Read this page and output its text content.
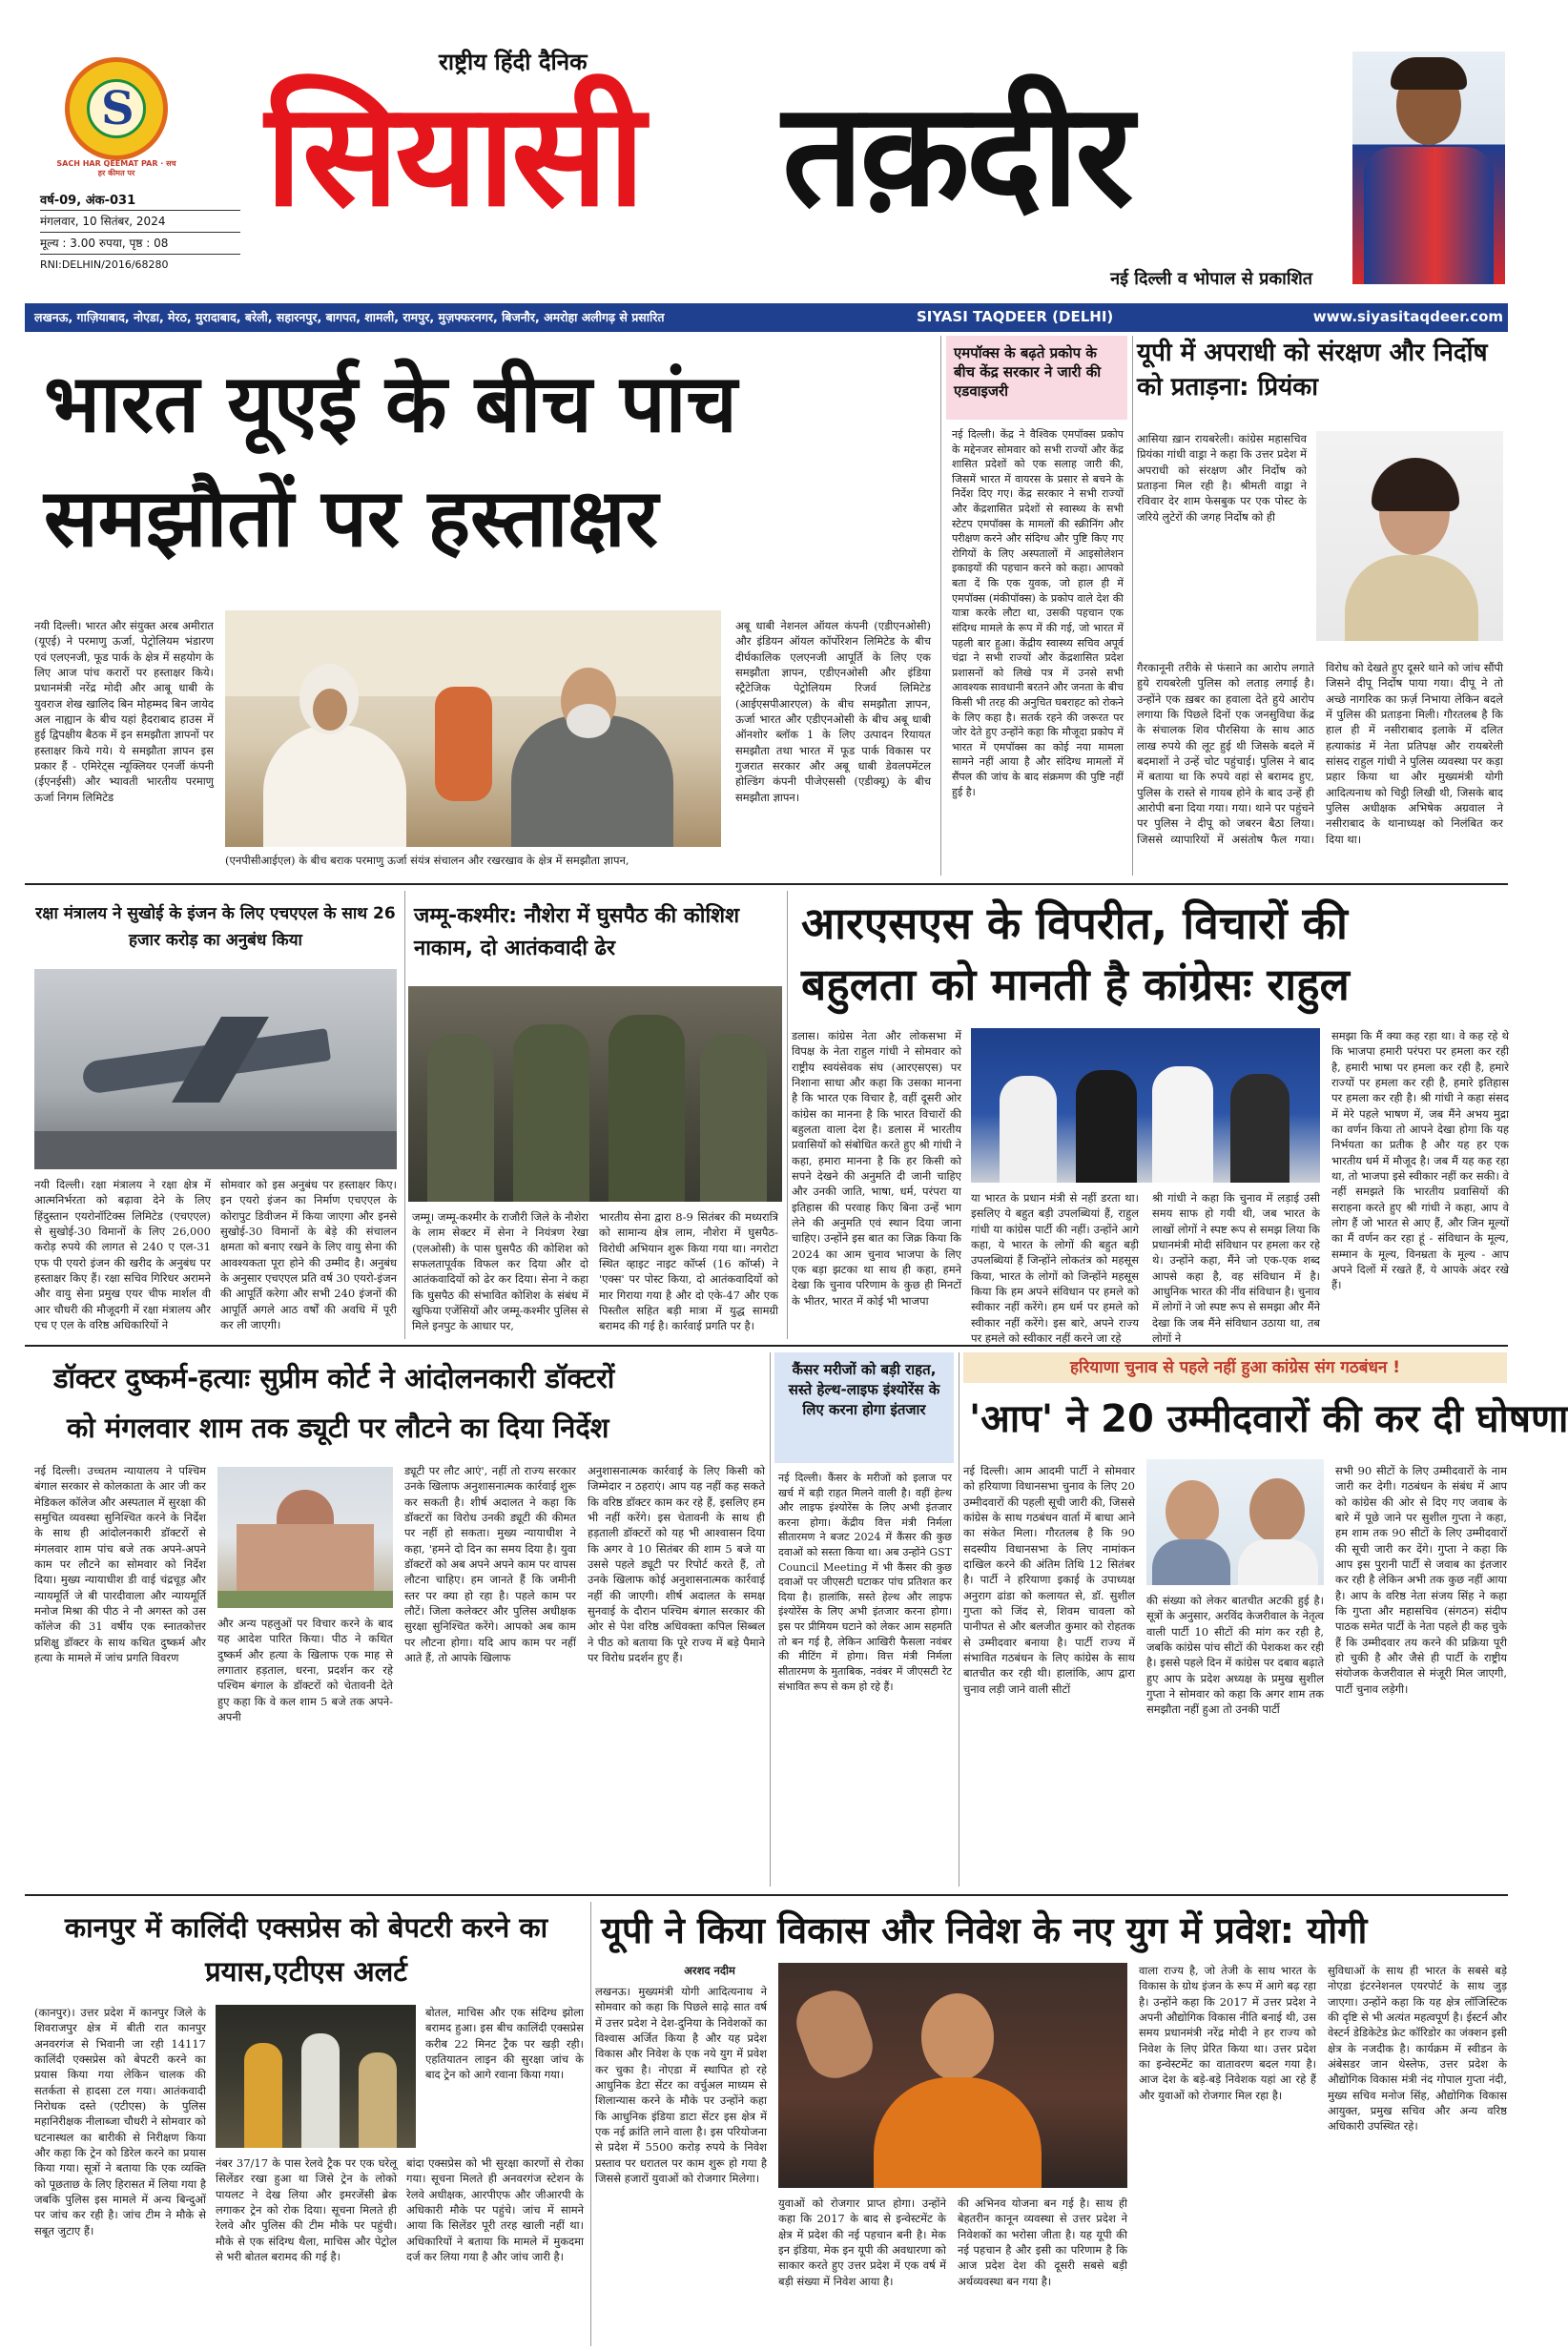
S
SACH HAR QEEMAT PAR · सच हर कीमत पर
वर्ष-09, अंक-031
मंगलवार, 10 सितंबर, 2024
मूल्य : 3.00 रुपया, पृष्ठ : 08
RNI:DELHIN/2016/68280
राष्ट्रीय हिंदी दैनिक
सियासी तक़दीर
नई दिल्ली व भोपाल से प्रकाशित
लखनऊ, गाज़ियाबाद, नोएडा, मेरठ, मुरादाबाद, बरेली, सहारनपुर, बागपत, शामली, रामपुर, मुज़फ्फरनगर, बिजनौर, अमरोहा अलीगढ़ से प्रसारित	SIYASI TAQDEER (DELHI)	www.siyasitaqdeer.com
भारत यूएई के बीच पांच
समझौतों पर हस्ताक्षर
नयी दिल्ली। भारत और संयुक्त अरब अमीरात (यूएई) ने परमाणु ऊर्जा, पेट्रोलियम भंडारण एवं एलएनजी, फूड पार्क के क्षेत्र में सहयोग के लिए आज पांच करारों पर हस्ताक्षर किये। प्रधानमंत्री नरेंद्र मोदी और आबू धाबी के युवराज शेख खालिद बिन मोहम्मद बिन जायेद अल नाह्यान के बीच यहां हैदराबाद हाउस में हुई द्विपक्षीय बैठक में इन समझौता ज्ञापनों पर हस्ताक्षर किये गये। ये समझौता ज्ञापन इस प्रकार हैं - एमिरेट्स न्यूक्लियर एनर्जी कंपनी (ईएनईसी) और भ्यावती भारतीय परमाणु ऊर्जा निगम लिमिटेड
(एनपीसीआईएल) के बीच बराक परमाणु ऊर्जा संयंत्र संचालन और रखरखाव के क्षेत्र में समझौता ज्ञापन,
अबू धाबी नेशनल ऑयल कंपनी (एडीएनओसी) और इंडियन ऑयल कॉर्पोरेशन लिमिटेड के बीच दीर्घकालिक एलएनजी आपूर्ति के लिए एक समझौता ज्ञापन, एडीएनओसी और इंडिया स्ट्रैटेजिक पेट्रोलियम रिजर्व लिमिटेड (आईएसपीआरएल) के बीच समझौता ज्ञापन, ऊर्जा भारत और एडीएनओसी के बीच अबू धाबी ऑनशोर ब्लॉक 1 के लिए उत्पादन रियायत समझौता तथा भारत में फूड पार्क विकास पर गुजरात सरकार और अबू धाबी डेवलपमेंटल होल्डिंग कंपनी पीजेएससी (एडीक्यू) के बीच समझौता ज्ञापन।
एमपॉक्स के बढ़ते प्रकोप के बीच केंद्र सरकार ने जारी की एडवाइजरी
नई दिल्ली। केंद्र ने वैश्विक एमपॉक्स प्रकोप के मद्देनजर सोमवार को सभी राज्यों और केंद्र शासित प्रदेशों को एक सलाह जारी की, जिसमें भारत में वायरस के प्रसार से बचने के निर्देश दिए गए। केंद्र सरकार ने सभी राज्यों और केंद्रशासित प्रदेशों से स्वास्थ्य के सभी स्टेटप एमपॉक्स के मामलों की स्क्रीनिंग और परीक्षण करने और संदिग्ध और पुष्टि किए गए रोगियों के लिए अस्पतालों में आइसोलेशन इकाइयों की पहचान करने को कहा। आपको बता दें कि एक युवक, जो हाल ही में एमपॉक्स (मंकीपॉक्स) के प्रकोप वाले देश की यात्रा करके लौटा था, उसकी पहचान एक संदिग्ध मामले के रूप में की गई, जो भारत में पहली बार हुआ। केंद्रीय स्वास्थ्य सचिव अपूर्व चंद्रा ने सभी राज्यों और केंद्रशासित प्रदेश प्रशासनों को लिखे पत्र में उनसे सभी आवश्यक सावधानी बरतने और जनता के बीच किसी भी तरह की अनुचित घबराहट को रोकने के लिए कहा है। सतर्क रहने की जरूरत पर जोर देते हुए उन्होंने कहा कि मौजूदा प्रकोप में भारत में एमपॉक्स का कोई नया मामला सामने नहीं आया है और संदिग्ध मामलों में सैंपल की जांच के बाद संक्रमण की पुष्टि नहीं हुई है।
यूपी में अपराधी को संरक्षण और निर्दोष को प्रताड़ना: प्रियंका
आसिया ख़ान रायबरेली। कांग्रेस महासचिव प्रियंका गांधी वाड्रा ने कहा कि उत्तर प्रदेश में अपराधी को संरक्षण और निर्दोष को प्रताड़ना मिल रही है। श्रीमती वाड्रा ने रविवार देर शाम फेसबुक पर एक पोस्ट के जरिये लुटेरों की जगह निर्दोष को ही
गैरकानूनी तरीके से फंसाने का आरोप लगाते हुये रायबरेली पुलिस को लताड़ लगाई है। उन्होंने एक ख़बर का हवाला देते हुये आरोप लगाया कि पिछले दिनों एक जनसुविधा केंद्र के संचालक शिव पौरसिया के साथ आठ लाख रुपये की लूट हुई थी जिसके बदले में बदमाशों ने उन्हें चोट पहुंचाई। पुलिस ने बाद में बताया था कि रुपये वहां से बरामद हुए, पुलिस के रास्ते से गायब होने के बाद उन्हें ही आरोपी बना दिया गया। गया। थाने पर पहुंचने पर पुलिस ने दीपू को जबरन बैठा लिया। जिससे व्यापारियों में असंतोष फैल गया। विरोध को देखते हुए दूसरे थाने को जांच सौंपी जिसने दीपू निर्दोष पाया गया। दीपू ने तो अच्छे नागरिक का फ़र्ज़ निभाया लेकिन बदले में पुलिस की प्रताड़ना मिली। गौरतलब है कि हाल ही में नसीराबाद इलाके में दलित हत्याकांड में नेता प्रतिपक्ष और रायबरेली सांसद राहुल गांधी ने पुलिस व्यवस्था पर कड़ा प्रहार किया था और मुख्यमंत्री योगी आदित्यनाथ को चिट्ठी लिखी थी, जिसके बाद पुलिस अधीक्षक अभिषेक अग्रवाल ने नसीराबाद के थानाध्यक्ष को निलंबित कर दिया था।
रक्षा मंत्रालय ने सुखोई के इंजन के लिए एचएएल के साथ 26 हजार करोड़ का अनुबंध किया
नयी दिल्ली। रक्षा मंत्रालय ने रक्षा क्षेत्र में आत्मनिर्भरता को बढ़ावा देने के लिए हिंदुस्तान एयरोनॉटिक्स लिमिटेड (एचएएल) से सुखोई-30 विमानों के लिए 26,000 करोड़ रुपये की लागत से 240 ए एल-31 एफ पी एयरो इंजन की खरीद के अनुबंध पर हस्ताक्षर किए हैं। रक्षा सचिव गिरिधर अरामने और वायु सेना प्रमुख एयर चीफ मार्शल वी आर चौधरी की मौजूदगी में रक्षा मंत्रालय और एच ए एल के वरिष्ठ अधिकारियों ने
सोमवार को इस अनुबंध पर हस्ताक्षर किए। इन एयरो इंजन का निर्माण एचएएल के कोरापुट डिवीजन में किया जाएगा और इनसे सुखोई-30 विमानों के बेड़े की संचालन क्षमता को बनाए रखने के लिए वायु सेना की आवश्यकता पूरा होने की उम्मीद है। अनुबंध के अनुसार एचएएल प्रति वर्ष 30 एयरो-इंजन की आपूर्ति करेगा और सभी 240 इंजनों की आपूर्ति अगले आठ वर्षों की अवधि में पूरी कर ली जाएगी।
जम्मू-कश्मीर: नौशेरा में घुसपैठ की कोशिश नाकाम, दो आतंकवादी ढेर
जम्मू। जम्मू-कश्मीर के राजौरी जिले के नौशेरा के लाम सेक्टर में सेना ने नियंत्रण रेखा (एलओसी) के पास घुसपैठ की कोशिश को सफलतापूर्वक विफल कर दिया और दो आतंकवादियों को ढेर कर दिया। सेना ने कहा कि घुसपैठ की संभावित कोशिश के संबंध में खुफिया एजेंसियों और जम्मू-कश्मीर पुलिस से मिले इनपुट के आधार पर,
भारतीय सेना द्वारा 8-9 सितंबर की मध्यरात्रि को सामान्य क्षेत्र लाम, नौशेरा में घुसपैठ-विरोधी अभियान शुरू किया गया था। नगरोटा स्थित व्हाइट नाइट कॉर्प्स (16 कॉर्प्स) ने 'एक्स' पर पोस्ट किया, दो आतंकवादियों को मार गिराया गया है और दो एके-47 और एक पिस्तौल सहित बड़ी मात्रा में युद्ध सामग्री बरामद की गई है। कार्रवाई प्रगति पर है।
आरएसएस के विपरीत, विचारों की
बहुलता को मानती है कांग्रेसः राहुल
डलास। कांग्रेस नेता और लोकसभा में विपक्ष के नेता राहुल गांधी ने सोमवार को राष्ट्रीय स्वयंसेवक संघ (आरएसएस) पर निशाना साधा और कहा कि उसका मानना है कि भारत एक विचार है, वहीं दूसरी ओर कांग्रेस का मानना है कि भारत विचारों की बहुलता वाला देश है। डलास में भारतीय प्रवासियों को संबोधित करते हुए श्री गांधी ने कहा, हमारा मानना है कि हर किसी को सपने देखने की अनुमति दी जानी चाहिए और उनकी जाति, भाषा, धर्म, परंपरा या इतिहास की परवाह किए बिना उन्हें भाग लेने की अनुमति एवं स्थान दिया जाना चाहिए। उन्होंने इस बात का जिक्र किया कि 2024 का आम चुनाव भाजपा के लिए एक बड़ा झटका था साथ ही कहा, हमने देखा कि चुनाव परिणाम के कुछ ही मिनटों के भीतर, भारत में कोई भी भाजपा
या भारत के प्रधान मंत्री से नहीं डरता था। इसलिए ये बहुत बड़ी उपलब्धियां हैं, राहुल गांधी या कांग्रेस पार्टी की नहीं। उन्होंने आगे कहा, ये भारत के लोगों की बहुत बड़ी उपलब्धियां हैं जिन्होंने लोकतंत्र को महसूस किया, भारत के लोगों को जिन्होंने महसूस किया कि हम अपने संविधान पर हमले को स्वीकार नहीं करेंगे। हम धर्म पर हमले को स्वीकार नहीं करेंगे। इस बारे, अपने राज्य पर हमले को स्वीकार नहीं करने जा रहे
श्री गांधी ने कहा कि चुनाव में लड़ाई उसी समय साफ हो गयी थी, जब भारत के लाखों लोगों ने स्पष्ट रूप से समझ लिया कि प्रधानमंत्री मोदी संविधान पर हमला कर रहे थे। उन्होंने कहा, मैंने जो एक-एक शब्द आपसे कहा है, वह संविधान में है। आधुनिक भारत की नींव संविधान है। चुनाव में लोगों ने जो स्पष्ट रूप से समझा और मैंने देखा कि जब मैंने संविधान उठाया था, तब लोगों ने
समझा कि मैं क्या कह रहा था। वे कह रहे थे कि भाजपा हमारी परंपरा पर हमला कर रही है, हमारी भाषा पर हमला कर रही है, हमारे राज्यों पर हमला कर रही है, हमारे इतिहास पर हमला कर रही है। श्री गांधी ने कहा संसद में मेरे पहले भाषण में, जब मैंने अभय मुद्रा का वर्णन किया तो आपने देखा होगा कि यह निर्भयता का प्रतीक है और यह हर एक भारतीय धर्म में मौजूद है। जब मैं यह कह रहा था, तो भाजपा इसे स्वीकार नहीं कर सकी। वे नहीं समझते कि भारतीय प्रवासियों की सराहना करते हुए श्री गांधी ने कहा, आप वे लोग हैं जो भारत से आए हैं, और जिन मूल्यों का मैं वर्णन कर रहा हूं - संविधान के मूल्य, सम्मान के मूल्य, विनम्रता के मूल्य - आप अपने दिलों में रखते हैं, ये आपके अंदर रखे हैं।
डॉक्टर दुष्कर्म-हत्याः सुप्रीम कोर्ट ने आंदोलनकारी डॉक्टरों
को मंगलवार शाम तक ड्यूटी पर लौटने का दिया निर्देश
नई दिल्ली। उच्चतम न्यायालय ने पश्चिम बंगाल सरकार से कोलकाता के आर जी कर मेडिकल कॉलेज और अस्पताल में सुरक्षा की समुचित व्यवस्था सुनिश्चित करने के निर्देश के साथ ही आंदोलनकारी डॉक्टरों से मंगलवार शाम पांच बजे तक अपने-अपने काम पर लौटने का सोमवार को निर्देश दिया। मुख्य न्यायाधीश डी वाई चंद्रचूड़ और न्यायमूर्ति जे बी पारदीवाला और न्यायमूर्ति मनोज मिश्रा की पीठ ने नौ अगस्त को उस कॉलेज की 31 वर्षीय एक स्नातकोत्तर प्रशिक्षु डॉक्टर के साथ कथित दुष्कर्म और हत्या के मामले में जांच प्रगति विवरण
और अन्य पहलुओं पर विचार करने के बाद यह आदेश पारित किया। पीठ ने कथित दुष्कर्म और हत्या के खिलाफ एक माह से लगातार हड़ताल, धरना, प्रदर्शन कर रहे पश्चिम बंगाल के डॉक्टरों को चेतावनी देते हुए कहा कि वे कल शाम 5 बजे तक अपने-अपनी
ड्यूटी पर लौट आएं', नहीं तो राज्य सरकार उनके खिलाफ अनुशासनात्मक कार्रवाई शुरू कर सकती है। शीर्ष अदालत ने कहा कि डॉक्टरों का विरोध उनकी ड्यूटी की कीमत पर नहीं हो सकता। मुख्य न्यायाधीश ने कहा, 'हमने दो दिन का समय दिया है। युवा डॉक्टरों को अब अपने अपने काम पर वापस लौटना चाहिए। हम जानते हैं कि जमीनी स्तर पर क्या हो रहा है। पहले काम पर लौटें। जिला कलेक्टर और पुलिस अधीक्षक सुरक्षा सुनिश्चित करेंगे। आपको अब काम पर लौटना होगा। यदि आप काम पर नहीं आते हैं, तो आपके खिलाफ
अनुशासनात्मक कार्रवाई के लिए किसी को जिम्मेदार न ठहराएं। आप यह नहीं कह सकते कि वरिष्ठ डॉक्टर काम कर रहे हैं, इसलिए हम भी नहीं करेंगे। इस चेतावनी के साथ ही हड़ताली डॉक्टरों को यह भी आश्वासन दिया कि अगर वे 10 सितंबर की शाम 5 बजे या उससे पहले ड्यूटी पर रिपोर्ट करते हैं, तो उनके खिलाफ कोई अनुशासनात्मक कार्रवाई नहीं की जाएगी। शीर्ष अदालत के समक्ष सुनवाई के दौरान पश्चिम बंगाल सरकार की ओर से पेश वरिष्ठ अधिवक्ता कपिल सिब्बल ने पीठ को बताया कि पूरे राज्य में बड़े पैमाने पर विरोध प्रदर्शन हुए हैं।
कैंसर मरीजों को बड़ी राहत, सस्ते हेल्थ-लाइफ इंश्योरेंस के लिए करना होगा इंतजार
नई दिल्ली। कैंसर के मरीजों को इलाज पर खर्च में बड़ी राहत मिलने वाली है। वहीं हेल्थ और लाइफ इंश्योरेंस के लिए अभी इंतजार करना होगा। केंद्रीय वित्त मंत्री निर्मला सीतारमण ने बजट 2024 में कैंसर की कुछ दवाओं को सस्ता किया था। अब उन्होंने GST Council Meeting में भी कैंसर की कुछ दवाओं पर जीएसटी घटाकर पांच प्रतिशत कर दिया है। हालांकि, सस्ते हेल्थ और लाइफ इंश्योरेंस के लिए अभी इंतजार करना होगा। इस पर प्रीमियम घटाने को लेकर आम सहमति तो बन गई है, लेकिन आखिरी फैसला नवंबर की मीटिंग में होगा। वित्त मंत्री निर्मला सीतारमण के मुताबिक, नवंबर में जीएसटी रेट संभावित रूप से कम हो रहे हैं।
हरियाणा चुनाव से पहले नहीं हुआ कांग्रेस संग गठबंधन !
'आप' ने 20 उम्मीदवारों की कर दी घोषणा
नई दिल्ली। आम आदमी पार्टी ने सोमवार को हरियाणा विधानसभा चुनाव के लिए 20 उम्मीदवारों की पहली सूची जारी की, जिससे कांग्रेस के साथ गठबंधन वार्ता में बाधा आने का संकेत मिला। गौरतलब है कि 90 सदस्यीय विधानसभा के लिए नामांकन दाखिल करने की अंतिम तिथि 12 सितंबर है। पार्टी ने हरियाणा इकाई के उपाध्यक्ष अनुराग ढांडा को कलायत से, डॉ. सुशील गुप्ता को जिंद से, शिवम चावला को पानीपत से और बलजीत कुमार को रोहतक से उम्मीदवार बनाया है। पार्टी राज्य में संभावित गठबंधन के लिए कांग्रेस के साथ बातचीत कर रही थी। हालांकि, आप द्वारा चुनाव लड़ी जाने वाली सीटों
की संख्या को लेकर बातचीत अटकी हुई है। सूत्रों के अनुसार, अरविंद केजरीवाल के नेतृत्व वाली पार्टी 10 सीटों की मांग कर रही है, जबकि कांग्रेस पांच सीटों की पेशकश कर रही है। इससे पहले दिन में कांग्रेस पर दबाव बढ़ाते हुए आप के प्रदेश अध्यक्ष के प्रमुख सुशील गुप्ता ने सोमवार को कहा कि अगर शाम तक समझौता नहीं हुआ तो उनकी पार्टी
सभी 90 सीटों के लिए उम्मीदवारों के नाम जारी कर देगी। गठबंधन के संबंध में आप को कांग्रेस की ओर से दिए गए जवाब के बारे में पूछे जाने पर सुशील गुप्ता ने कहा, हम शाम तक 90 सीटों के लिए उम्मीदवारों की सूची जारी कर देंगे। गुप्ता ने कहा कि आप इस पुरानी पार्टी से जवाब का इंतजार कर रही है लेकिन अभी तक कुछ नहीं आया है। आप के वरिष्ठ नेता संजय सिंह ने कहा कि गुप्ता और महासचिव (संगठन) संदीप पाठक समेत पार्टी के नेता पहले ही कह चुके हैं कि उम्मीदवार तय करने की प्रक्रिया पूरी हो चुकी है और जैसे ही पार्टी के राष्ट्रीय संयोजक केजरीवाल से मंजूरी मिल जाएगी, पार्टी चुनाव लड़ेगी।
कानपुर में कालिंदी एक्सप्रेस को बेपटरी करने का प्रयास,एटीएस अलर्ट
(कानपुर)। उत्तर प्रदेश में कानपुर जिले के शिवराजपुर क्षेत्र में बीती रात कानपुर अनवरगंज से भिवानी जा रही 14117 कालिंदी एक्सप्रेस को बेपटरी करने का प्रयास किया गया लेकिन चालक की सतर्कता से हादसा टल गया। आतंकवादी निरोधक दस्ते (एटीएस) के पुलिस महानिरीक्षक नीलाब्जा चौधरी ने सोमवार को घटनास्थल का बारीकी से निरीक्षण किया और कहा कि ट्रेन को डिरेल करने का प्रयास किया गया। सूत्रों ने बताया कि एक व्यक्ति को पूछताछ के लिए हिरासत में लिया गया है जबकि पुलिस इस मामले में अन्य बिन्दुओं पर जांच कर रही है। जांच टीम ने मौके से सबूत जुटाए हैं।
बोतल, माचिस और एक संदिग्ध झोला बरामद हुआ। इस बीच कालिंदी एक्सप्रेस करीब 22 मिनट ट्रैक पर खड़ी रही। एहतियातन लाइन की सुरक्षा जांच के बाद ट्रेन को आगे रवाना किया गया।
नंबर 37/17 के पास रेलवे ट्रैक पर एक घरेलू सिलेंडर रखा हुआ था जिसे ट्रेन के लोको पायलट ने देख लिया और इमरजेंसी ब्रेक लगाकर ट्रेन को रोक दिया। सूचना मिलते ही रेलवे और पुलिस की टीम मौके पर पहुंची। मौके से एक संदिग्ध थैला, माचिस और पेट्रोल से भरी बोतल बरामद की गई है।
बांदा एक्सप्रेस को भी सुरक्षा कारणों से रोका गया। सूचना मिलते ही अनवरगंज स्टेशन के रेलवे अधीक्षक, आरपीएफ और जीआरपी के अधिकारी मौके पर पहुंचे। जांच में सामने आया कि सिलेंडर पूरी तरह खाली नहीं था। अधिकारियों ने बताया कि मामले में मुकदमा दर्ज कर लिया गया है और जांच जारी है।
यूपी ने किया विकास और निवेश के नए युग में प्रवेश: योगी
अरशद नदीम
लखनऊ। मुख्यमंत्री योगी आदित्यनाथ ने सोमवार को कहा कि पिछले साढ़े सात वर्ष में उत्तर प्रदेश ने देश-दुनिया के निवेशकों का विश्वास अर्जित किया है और यह प्रदेश विकास और निवेश के एक नये युग में प्रवेश कर चुका है। नोएडा में स्थापित हो रहे आधुनिक डेटा सेंटर का वर्चुअल माध्यम से शिलान्यास करने के मौके पर उन्होंने कहा कि आधुनिक इंडिया डाटा सेंटर इस क्षेत्र में एक नई क्रांति लाने वाला है। इस परियोजना से प्रदेश में 5500 करोड़ रुपये के निवेश प्रस्ताव पर धरातल पर काम शुरू हो गया है जिससे हजारों युवाओं को रोजगार मिलेगा।
युवाओं को रोजगार प्राप्त होगा। उन्होंने कहा कि 2017 के बाद से इन्वेस्टमेंट के क्षेत्र में प्रदेश की नई पहचान बनी है। मेक इन इंडिया, मेक इन यूपी की अवधारणा को साकार करते हुए उत्तर प्रदेश में एक वर्ष में बड़ी संख्या में निवेश आया है।
की अभिनव योजना बन गई है। साथ ही बेहतरीन कानून व्यवस्था से उत्तर प्रदेश ने निवेशकों का भरोसा जीता है। यह यूपी की नई पहचान है और इसी का परिणाम है कि आज प्रदेश देश की दूसरी सबसे बड़ी अर्थव्यवस्था बन गया है।
वाला राज्य है, जो तेजी के साथ भारत के विकास के ग्रोथ इंजन के रूप में आगे बढ़ रहा है। उन्होंने कहा कि 2017 में उत्तर प्रदेश ने अपनी औद्योगिक विकास नीति बनाई थी, उस समय प्रधानमंत्री नरेंद्र मोदी ने हर राज्य को निवेश के लिए प्रेरित किया था। उत्तर प्रदेश का इन्वेस्टमेंट का वातावरण बदल गया है। आज देश के बड़े-बड़े निवेशक यहां आ रहे हैं और युवाओं को रोजगार मिल रहा है।
सुविधाओं के साथ ही भारत के सबसे बड़े नोएडा इंटरनेशनल एयरपोर्ट के साथ जुड़ जाएगा। उन्होंने कहा कि यह क्षेत्र लॉजिस्टिक की दृष्टि से भी अत्यंत महत्वपूर्ण है। ईस्टर्न और वेस्टर्न डेडिकेटेड फ्रेट कॉरिडोर का जंक्शन इसी क्षेत्र के नजदीक है। कार्यक्रम में स्वीडन के अंबेसडर जान थेस्लेफ, उत्तर प्रदेश के औद्योगिक विकास मंत्री नंद गोपाल गुप्ता नंदी, मुख्य सचिव मनोज सिंह, औद्योगिक विकास आयुक्त, प्रमुख सचिव और अन्य वरिष्ठ अधिकारी उपस्थित रहे।
